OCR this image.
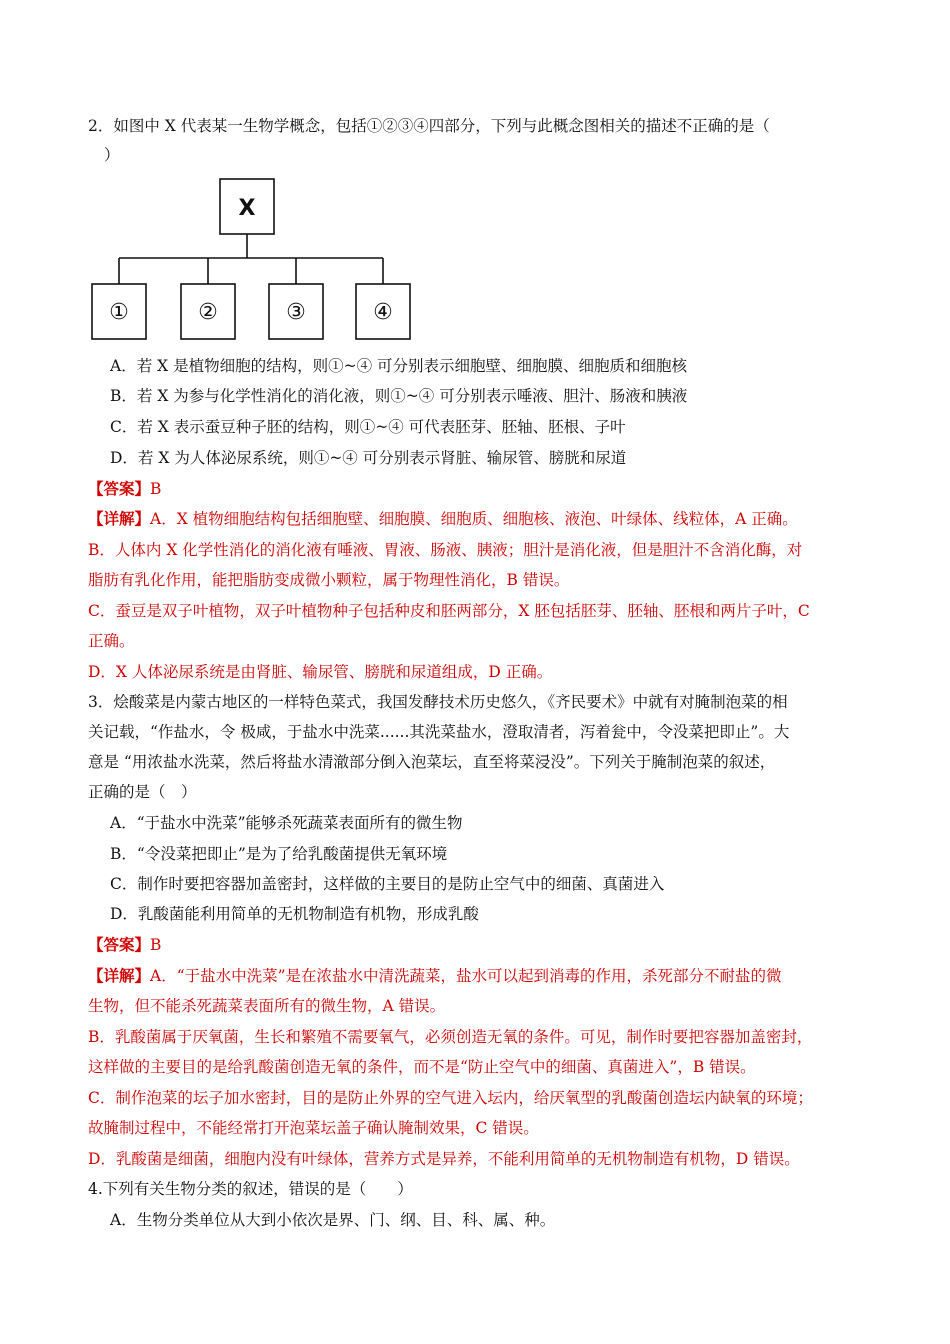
2．如图中 X 代表某一生物学概念，包括①②③④四部分，下列与此概念图相关的描述不正确的是（
）
X
①	②	③	④
A．若 X 是植物细胞的结构，则①~④ 可分别表示细胞壁、细胞膜、细胞质和细胞核
B．若 X 为参与化学性消化的消化液，则①~④ 可分别表示唾液、胆汁、肠液和胰液
C．若 X 表示蚕豆种子胚的结构，则①~④ 可代表胚芽、胚轴、胚根、子叶
D．若 X 为人体泌尿系统，则①~④ 可分别表示肾脏、输尿管、膀胱和尿道
【答案】B
【详解】A．X 植物细胞结构包括细胞壁、细胞膜、细胞质、细胞核、液泡、叶绿体、线粒体，A 正确。
B．人体内 X 化学性消化的消化液有唾液、胃液、肠液、胰液；胆汁是消化液，但是胆汁不含消化酶，对
脂肪有乳化作用，能把脂肪变成微小颗粒，属于物理性消化，B 错误。
C．蚕豆是双子叶植物，双子叶植物种子包括种皮和胚两部分，X 胚包括胚芽、胚轴、胚根和两片子叶，C
正确。
D．X 人体泌尿系统是由肾脏、输尿管、膀胱和尿道组成，D 正确。
3．烩酸菜是内蒙古地区的一样特色菜式，我国发酵技术历史悠久，《齐民要术》中就有对腌制泡菜的相
关记载，“作盐水，令 极咸，于盐水中洗菜......其洗菜盐水，澄取清者，泻着瓮中，令没菜把即止”。大
意是 “用浓盐水洗菜，然后将盐水清澈部分倒入泡菜坛，直至将菜浸没”。下列关于腌制泡菜的叙述，
正确的是（　）
A．“于盐水中洗菜”能够杀死蔬菜表面所有的微生物
B．“令没菜把即止”是为了给乳酸菌提供无氧环境
C．制作时要把容器加盖密封，这样做的主要目的是防止空气中的细菌、真菌进入
D．乳酸菌能利用简单的无机物制造有机物，形成乳酸
【答案】B
【详解】A．“于盐水中洗菜”是在浓盐水中清洗蔬菜，盐水可以起到消毒的作用，杀死部分不耐盐的微
生物，但不能杀死蔬菜表面所有的微生物，A 错误。
B．乳酸菌属于厌氧菌，生长和繁殖不需要氧气，必须创造无氧的条件。可见，制作时要把容器加盖密封，
这样做的主要目的是给乳酸菌创造无氧的条件，而不是“防止空气中的细菌、真菌进入”，B 错误。
C．制作泡菜的坛子加水密封，目的是防止外界的空气进入坛内，给厌氧型的乳酸菌创造坛内缺氧的环境；
故腌制过程中，不能经常打开泡菜坛盖子确认腌制效果，C 错误。
D．乳酸菌是细菌，细胞内没有叶绿体，营养方式是异养，不能利用简单的无机物制造有机物，D 错误。
4.下列有关生物分类的叙述，错误的是（　　）
A．生物分类单位从大到小依次是界、门、纲、目、科、属、种。
